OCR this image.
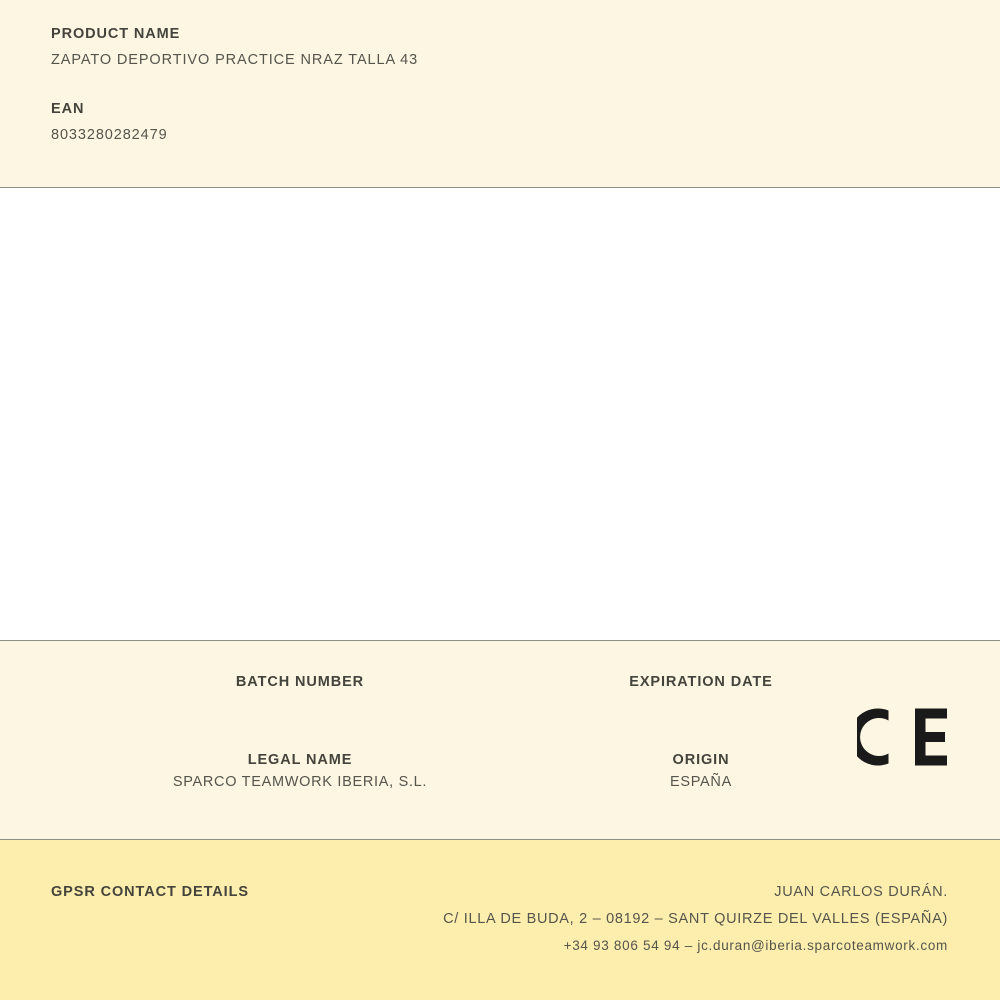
PRODUCT NAME

ZAPATO DEPORTIVO PRACTICE NRAZ TALLA 43

EAN

8033280282479

BATCH NUMBER	EXPIRATION DATE

LEGAL NAME

SPARCO TEAMWORK IBERIA, S.L.

ORIGIN

ESPAÑA

GPSR CONTACT DETAILS	JUAN CARLOS DURÁN.

C/ ILLA DE BUDA, 2 – 08192 – SANT QUIRZE DEL VALLES (ESPAÑA)

+34 93 806 54 94 – jc.duran@iberia.sparcoteamwork.com
